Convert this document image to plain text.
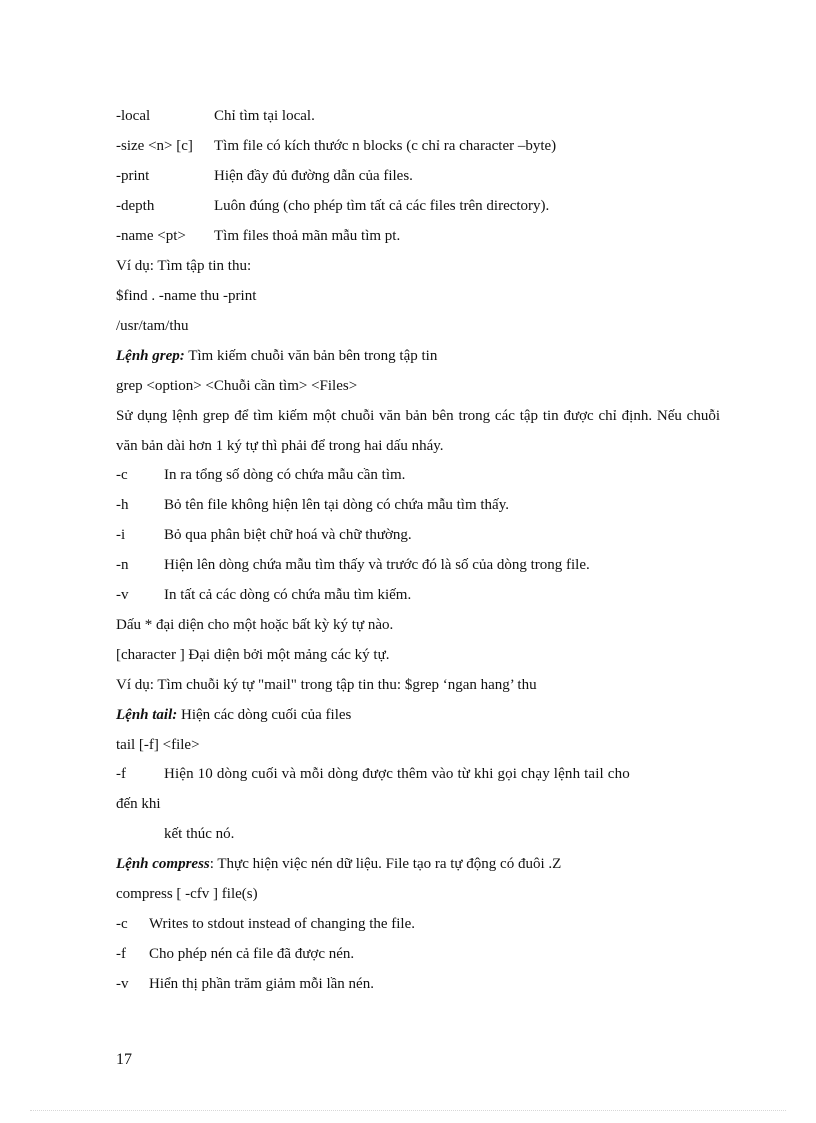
-local	Chỉ tìm tại local.
-size <n> [c] Tìm file có kích thước n blocks (c chỉ ra character –byte)
-print	Hiện đầy đủ đường dẫn của files.
-depth	Luôn đúng (cho phép tìm tất cả các files trên directory).
-name <pt> Tìm files thoả mãn mẫu tìm pt.
Ví dụ: Tìm tập tin thu:
$find . -name thu -print
/usr/tam/thu
Lệnh grep: Tìm kiếm chuỗi văn bản bên trong tập tin
grep <option> <Chuỗi cần tìm> <Files>
Sử dụng lệnh grep để tìm kiếm một chuỗi văn bản bên trong các tập tin được chỉ định. Nếu chuỗi văn bản dài hơn 1 ký tự thì phải để trong hai dấu nháy.
-c In ra tổng số dòng có chứa mẫu cần tìm.
-h Bỏ tên file không hiện lên tại dòng có chứa mẫu tìm thấy.
-i	Bỏ qua phân biệt chữ hoá và chữ thường.
-n Hiện lên dòng chứa mẫu tìm thấy và trước đó là số của dòng trong file.
-v In tất cả các dòng có chứa mẫu tìm kiếm.
Dấu * đại diện cho một hoặc bất kỳ ký tự nào.
[character ] Đại diện bởi một mảng các ký tự.
Ví dụ: Tìm chuỗi ký tự "mail" trong tập tin thu: $grep ‘ngan hang’ thu
Lệnh tail: Hiện các dòng cuối của files
tail [-f] <file>
-f	Hiện 10 dòng cuối và mỗi dòng được thêm vào từ khi gọi chạy lệnh tail cho
đến khi
kết thúc nó.
Lệnh compress: Thực hiện việc nén dữ liệu. File tạo ra tự động có đuôi .Z
compress [ -cfv ] file(s)
-c Writes to stdout instead of changing the file.
-f Cho phép nén cả file đã được nén.
-v Hiển thị phần trăm giảm mỗi lần nén.
17
